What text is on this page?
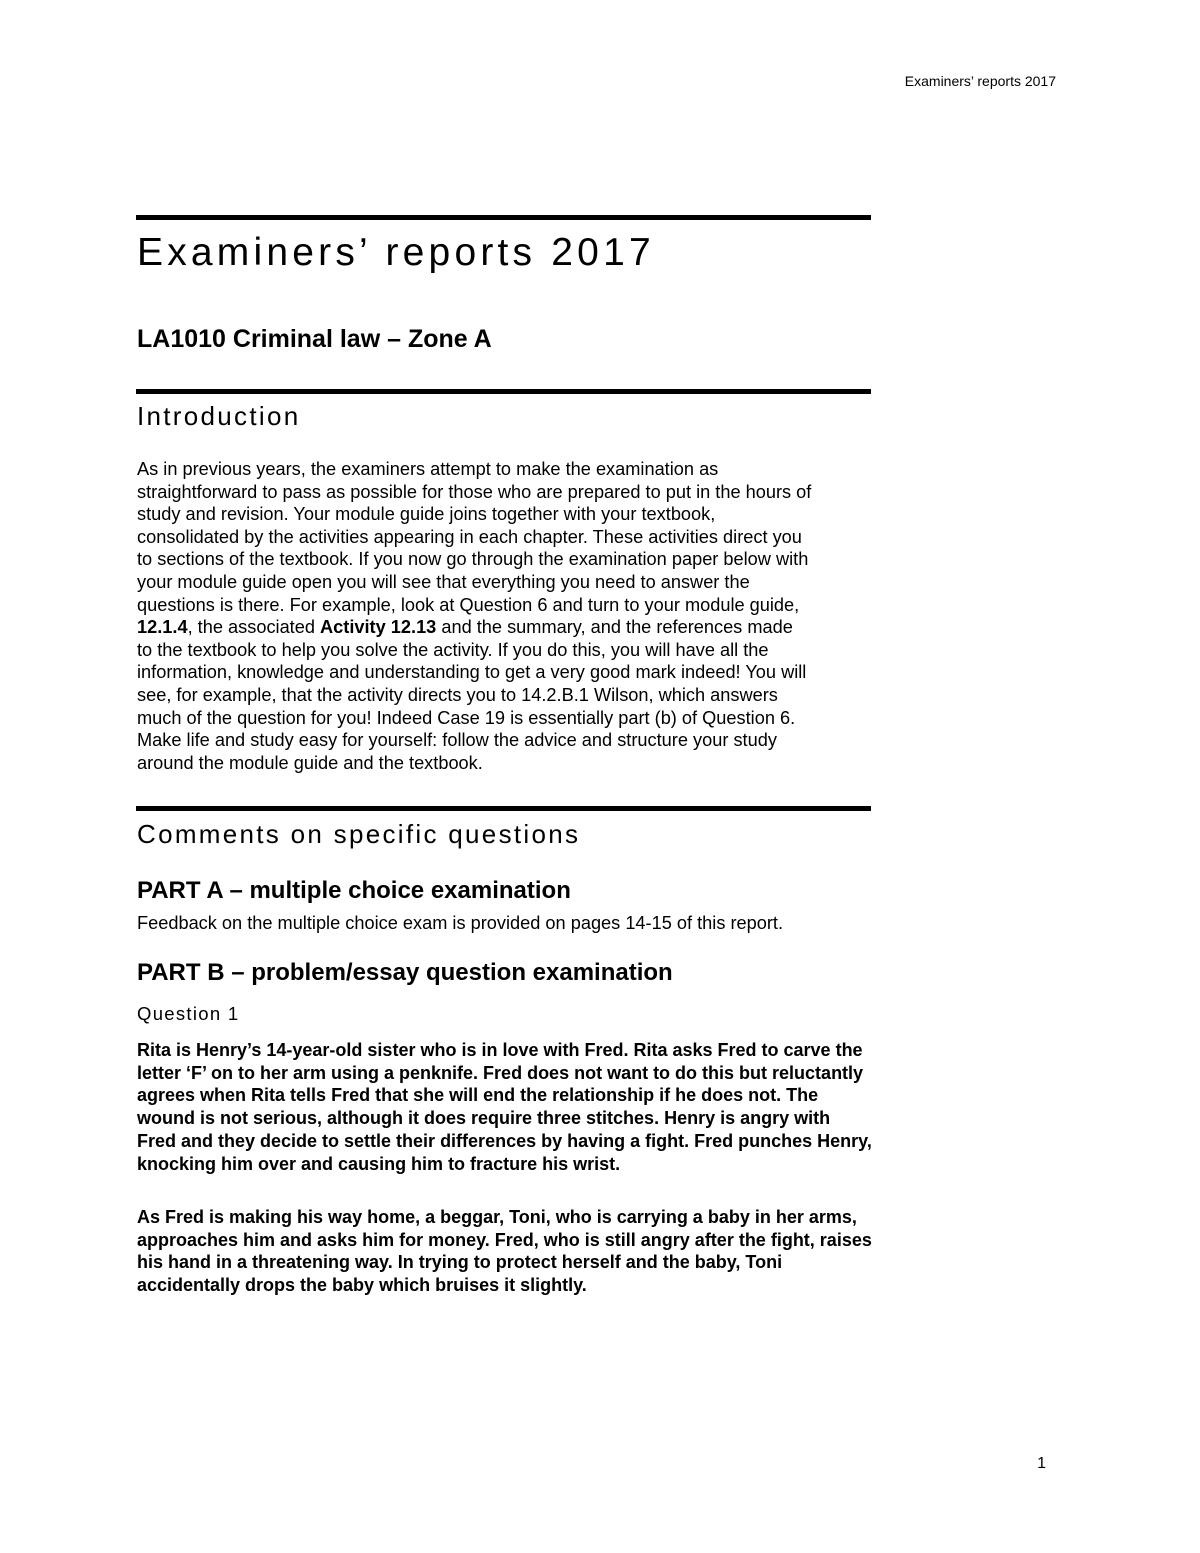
Examiners’ reports 2017
Examiners’ reports 2017
LA1010 Criminal law – Zone A
Introduction

As in previous years, the examiners attempt to make the examination as
straightforward to pass as possible for those who are prepared to put in the hours of
study and revision. Your module guide joins together with your textbook,
consolidated by the activities appearing in each chapter. These activities direct you
to sections of the textbook. If you now go through the examination paper below with
your module guide open you will see that everything you need to answer the
questions is there. For example, look at Question 6 and turn to your module guide,
12.1.4, the associated Activity 12.13 and the summary, and the references made
to the textbook to help you solve the activity. If you do this, you will have all the
information, knowledge and understanding to get a very good mark indeed! You will
see, for example, that the activity directs you to 14.2.B.1 Wilson, which answers
much of the question for you! Indeed Case 19 is essentially part (b) of Question 6.
Make life and study easy for yourself: follow the advice and structure your study
around the module guide and the textbook.

Comments on specific questions
PART A – multiple choice examination

Feedback on the multiple choice exam is provided on pages 14-15 of this report.

PART B – problem/essay question examination
Question 1

Rita is Henry’s 14-year-old sister who is in love with Fred. Rita asks Fred to carve the letter ‘F’ on to her arm using a penknife. Fred does not want to do this but reluctantly agrees when Rita tells Fred that she will end the relationship if he does not. The wound is not serious, although it does require three stitches. Henry is angry with Fred and they decide to settle their differences by having a fight. Fred punches Henry, knocking him over and causing him to fracture his wrist.

As Fred is making his way home, a beggar, Toni, who is carrying a baby in her arms, approaches him and asks him for money. Fred, who is still angry after the fight, raises his hand in a threatening way. In trying to protect herself and the baby, Toni accidentally drops the baby which bruises it slightly.

1
